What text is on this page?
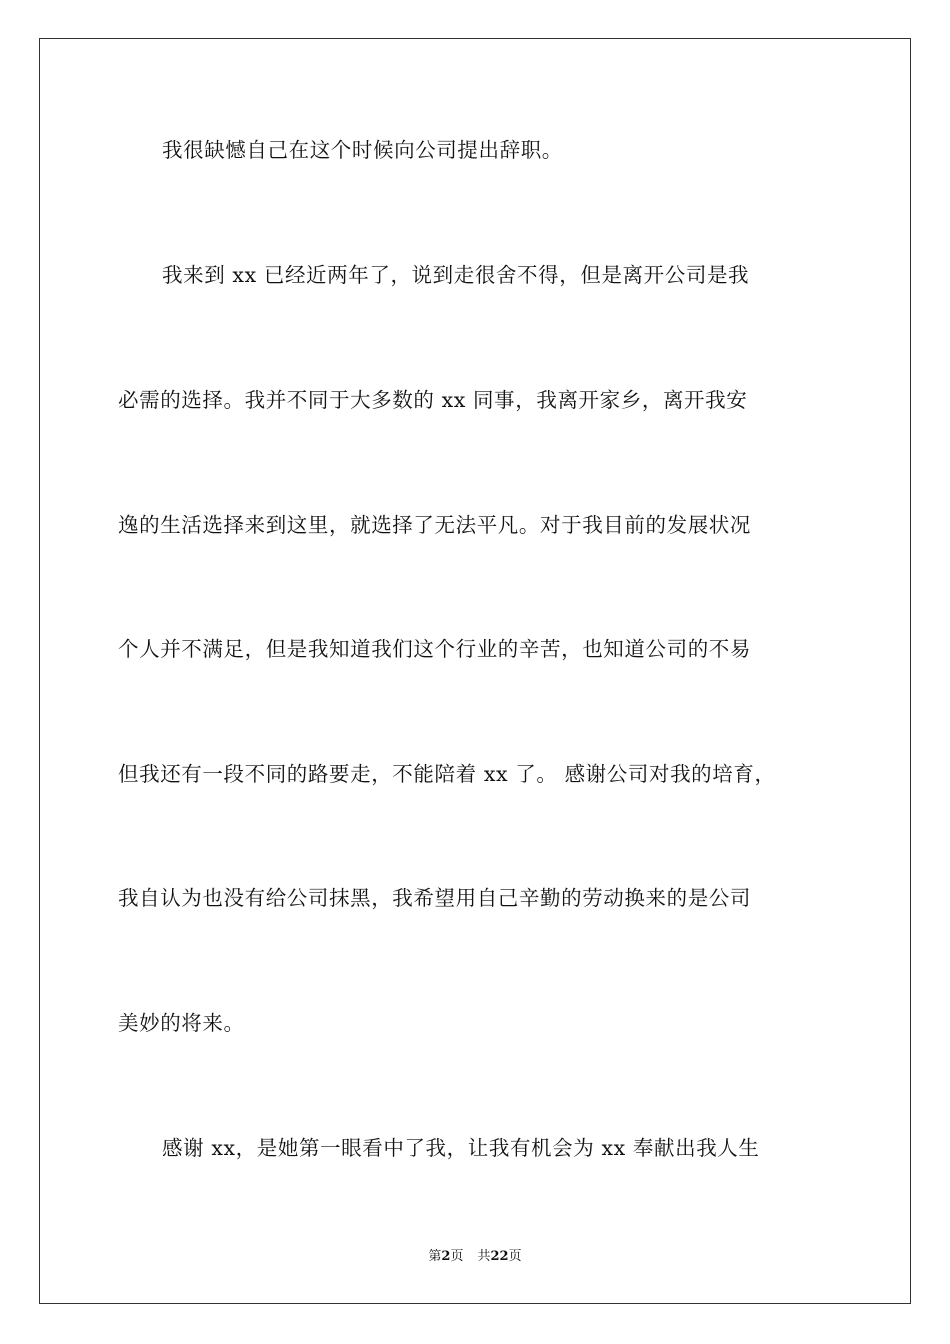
我很缺憾自己在这个时候向公司提出辞职。
我来到 xx 已经近两年了，说到走很舍不得，但是离开公司是我
必需的选择。我并不同于大多数的 xx 同事，我离开家乡，离开我安
逸的生活选择来到这里，就选择了无法平凡。对于我目前的发展状况
个人并不满足，但是我知道我们这个行业的辛苦，也知道公司的不易
但我还有一段不同的路要走，不能陪着 xx 了。 感谢公司对我的培育，
我自认为也没有给公司抹黑，我希望用自己辛勤的劳动换来的是公司
美妙的将来。
感谢 xx，是她第一眼看中了我，让我有机会为 xx 奉献出我人生
第2页 共22页
